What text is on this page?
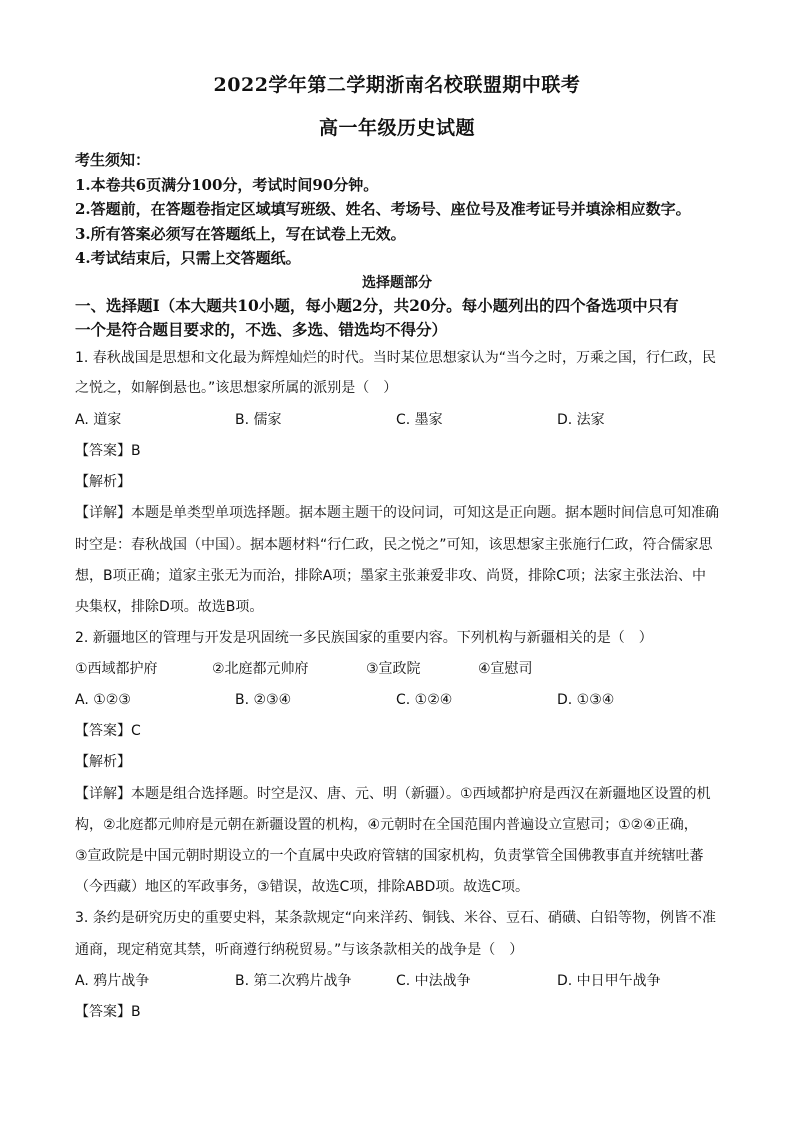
2022学年第二学期浙南名校联盟期中联考
高一年级历史试题
考生须知：
1.本卷共6页满分100分，考试时间90分钟。
2.答题前，在答题卷指定区域填写班级、姓名、考场号、座位号及准考证号并填涂相应数字。
3.所有答案必须写在答题纸上，写在试卷上无效。
4.考试结束后，只需上交答题纸。
选择题部分
一、选择题Ⅰ（本大题共10小题，每小题2分，共20分。每小题列出的四个备选项中只有
一个是符合题目要求的，不选、多选、错选均不得分）
1. 春秋战国是思想和文化最为辉煌灿烂的时代。当时某位思想家认为“当今之时，万乘之国，行仁政，民
之悦之，如解倒悬也。”该思想家所属的派别是（　）
A. 道家	B. 儒家	C. 墨家	D. 法家
【答案】B
【解析】
【详解】本题是单类型单项选择题。据本题主题干的设问词，可知这是正向题。据本题时间信息可知准确
时空是：春秋战国（中国）。据本题材料“行仁政，民之悦之”可知，该思想家主张施行仁政，符合儒家思
想，B项正确；道家主张无为而治，排除A项；墨家主张兼爱非攻、尚贤，排除C项；法家主张法治、中
央集权，排除D项。故选B项。
2. 新疆地区的管理与开发是巩固统一多民族国家的重要内容。下列机构与新疆相关的是（　）
①西域都护府	②北庭都元帅府	③宣政院	④宣慰司
A. ①②③	B. ②③④	C. ①②④	D. ①③④
【答案】C
【解析】
【详解】本题是组合选择题。时空是汉、唐、元、明（新疆）。①西域都护府是西汉在新疆地区设置的机
构，②北庭都元帅府是元朝在新疆设置的机构，④元朝时在全国范围内普遍设立宣慰司；①②④正确，
③宣政院是中国元朝时期设立的一个直属中央政府管辖的国家机构，负责掌管全国佛教事直并统辖吐蕃
（今西藏）地区的军政事务，③错误，故选C项，排除ABD项。故选C项。
3. 条约是研究历史的重要史料，某条款规定“向来洋药、铜钱、米谷、豆石、硝磺、白铅等物，例皆不准
通商，现定稍宽其禁，听商遵行纳税贸易。”与该条款相关的战争是（　）
A. 鸦片战争	B. 第二次鸦片战争	C. 中法战争	D. 中日甲午战争
【答案】B
